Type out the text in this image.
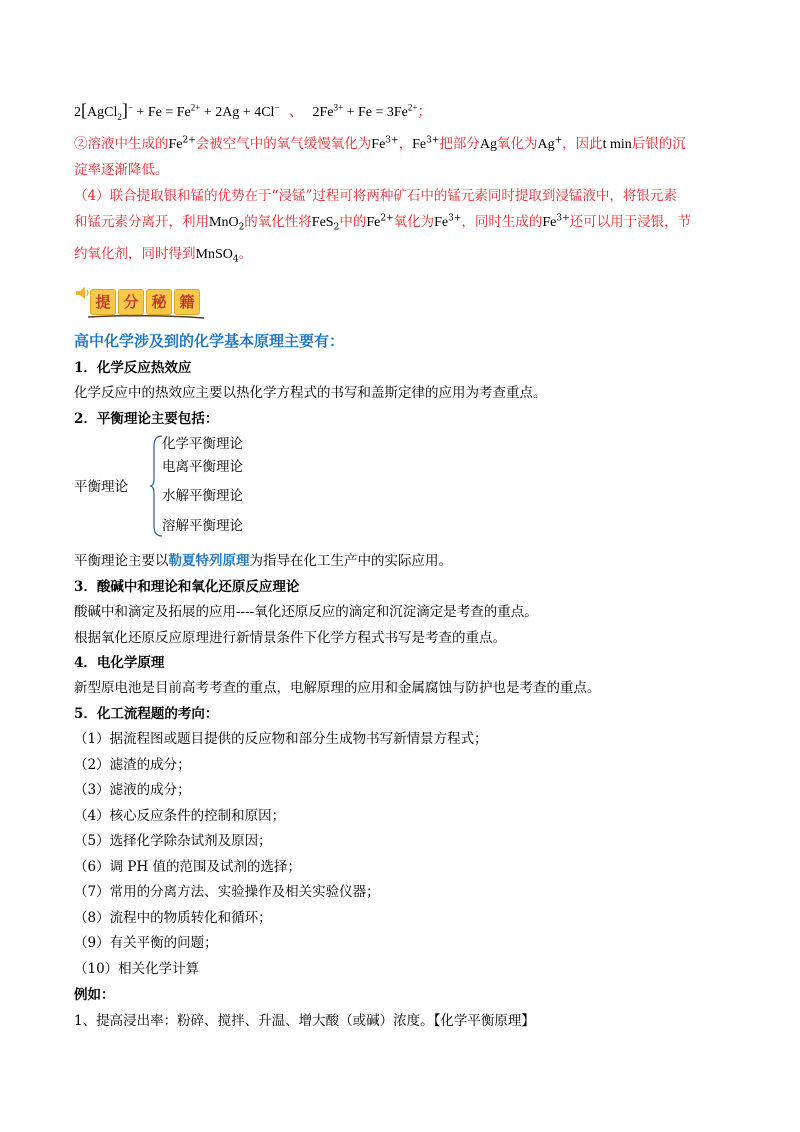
2[AgCl$_2$]− + $Fe = Fe^{2+} + 2Ag + 4Cl^-$ 、 $2Fe^{3+} + Fe = 3Fe^{2+}$；
②溶液中生成的$Fe^{2+}$会被空气中的氧气缓慢氧化为$Fe^{3+}$，$Fe^{3+}$把部分Ag氧化为Ag+，因此t min后银的沉
淀率逐渐降低。
（4）联合提取银和锰的优势在于“浸锰”过程可将两种矿石中的锰元素同时提取到浸锰液中，将银元素
和锰元素分离开，利用MnO$_2$的氧化性将FeS$_2$中的$Fe^{2+}$氧化为$Fe^{3+}$，同时生成的$Fe^{3+}$还可以用于浸银，节
约氧化剂，同时得到MnSO$_4$。
提 分 秘 籍
高中化学涉及到的化学基本原理主要有：
1．化学反应热效应
化学反应中的热效应主要以热化学方程式的书写和盖斯定律的应用为考查重点。
2．平衡理论主要包括：
平衡理论
化学平衡理论
电离平衡理论
水解平衡理论
溶解平衡理论
平衡理论主要以勒夏特列原理为指导在化工生产中的实际应用。
3．酸碱中和理论和氧化还原反应理论
酸碱中和滴定及拓展的应用----氧化还原反应的滴定和沉淀滴定是考查的重点。
根据氧化还原反应原理进行新情景条件下化学方程式书写是考查的重点。
4．电化学原理
新型原电池是目前高考考查的重点，电解原理的应用和金属腐蚀与防护也是考查的重点。
5．化工流程题的考向：
（1）据流程图或题目提供的反应物和部分生成物书写新情景方程式；
（2）滤渣的成分；
（3）滤液的成分；
（4）核心反应条件的控制和原因；
（5）选择化学除杂试剂及原因；
（6）调 PH 值的范围及试剂的选择；
（7）常用的分离方法、实验操作及相关实验仪器；
（8）流程中的物质转化和循环；
（9）有关平衡的问题；
（10）相关化学计算
例如：
1、提高浸出率：粉碎、搅拌、升温、增大酸（或碱）浓度。【化学平衡原理】
